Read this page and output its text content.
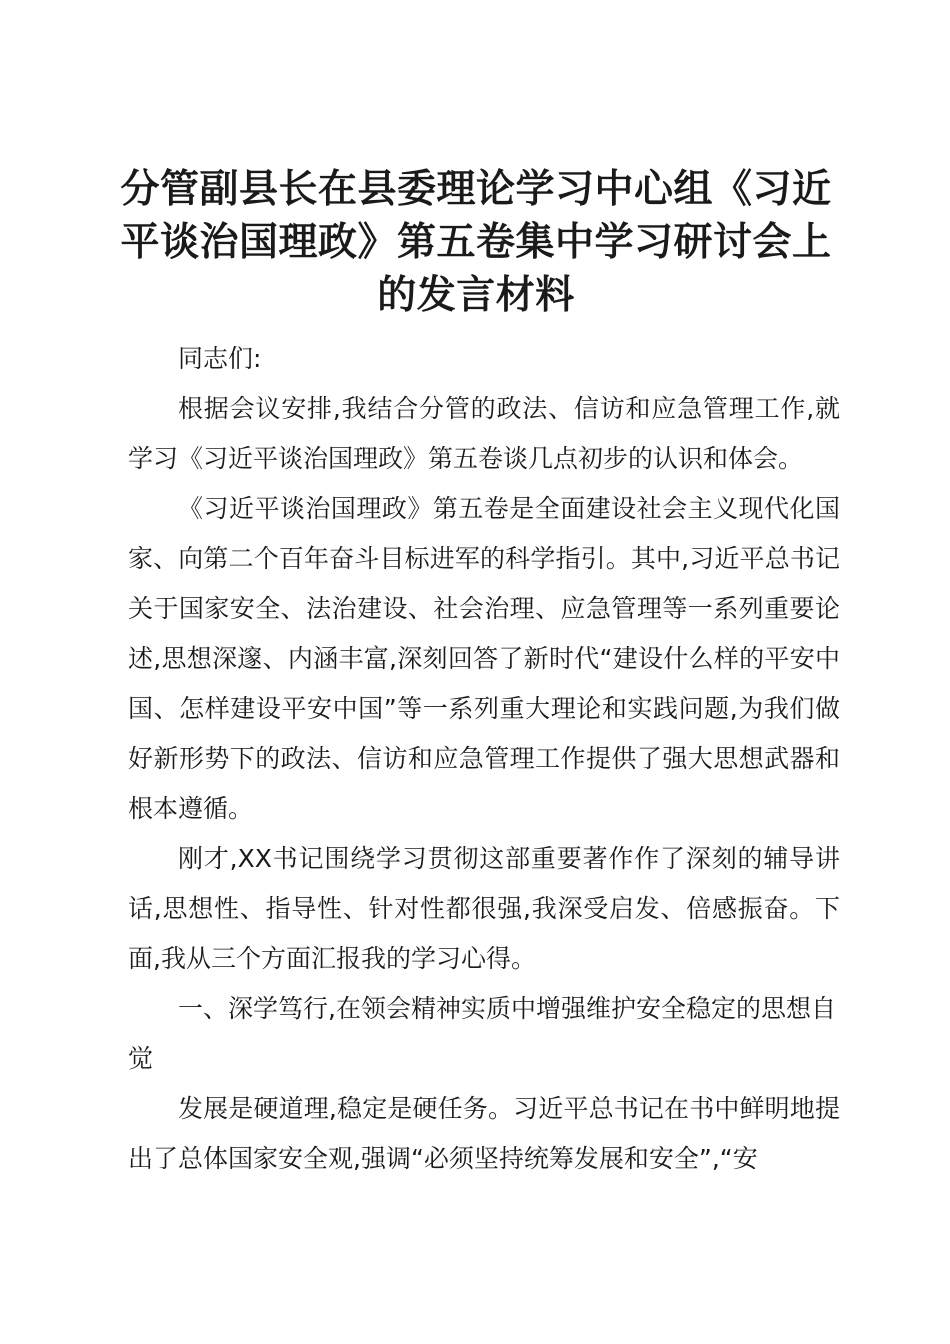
分管副县长在县委理论学习中心组《习近平谈治国理政》第五卷集中学习研讨会上的发言材料

同志们:

根据会议安排,我结合分管的政法、信访和应急管理工作,就学习《习近平谈治国理政》第五卷谈几点初步的认识和体会。

《习近平谈治国理政》第五卷是全面建设社会主义现代化国家、向第二个百年奋斗目标进军的科学指引。其中,习近平总书记关于国家安全、法治建设、社会治理、应急管理等一系列重要论述,思想深邃、内涵丰富,深刻回答了新时代“建设什么样的平安中国、怎样建设平安中国”等一系列重大理论和实践问题,为我们做好新形势下的政法、信访和应急管理工作提供了强大思想武器和根本遵循。

刚才,XX书记围绕学习贯彻这部重要著作作了深刻的辅导讲话,思想性、指导性、针对性都很强,我深受启发、倍感振奋。下面,我从三个方面汇报我的学习心得。

一、深学笃行,在领会精神实质中增强维护安全稳定的思想自觉

发展是硬道理,稳定是硬任务。习近平总书记在书中鲜明地提出了总体国家安全观,强调“必须坚持统筹发展和安全”,“安
